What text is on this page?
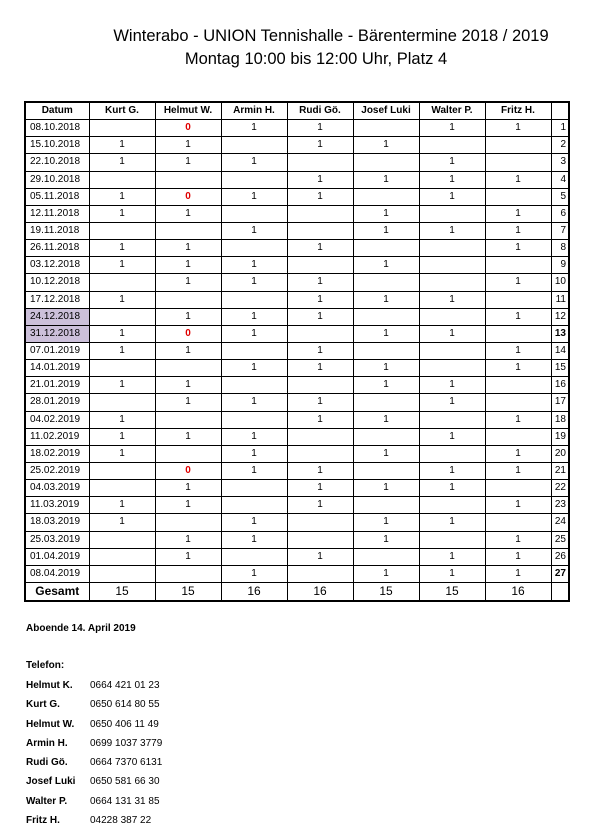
Winterabo - UNION Tennishalle - Bärentermine 2018 / 2019
Montag 10:00 bis 12:00 Uhr, Platz 4
Datum	Kurt G.	Helmut W.	Armin H.	Rudi Gö.	Josef Luki	Walter P.	Fritz H.	
08.10.2018		0	1	1		1	1	1
15.10.2018	1	1		1	1			2
22.10.2018	1	1	1			1		3
29.10.2018				1	1	1	1	4
05.11.2018	1	0	1	1		1		5
12.11.2018	1	1			1		1	6
19.11.2018			1		1	1	1	7
26.11.2018	1	1		1			1	8
03.12.2018	1	1	1		1			9
10.12.2018		1	1	1			1	10
17.12.2018	1			1	1	1		11
24.12.2018		1	1	1			1	12
31.12.2018	1	0	1		1	1		13
07.01.2019	1	1		1			1	14
14.01.2019			1	1	1		1	15
21.01.2019	1	1			1	1		16
28.01.2019		1	1	1		1		17
04.02.2019	1			1	1		1	18
11.02.2019	1	1	1			1		19
18.02.2019	1		1		1		1	20
25.02.2019		0	1	1		1	1	21
04.03.2019		1		1	1	1		22
11.03.2019	1	1		1			1	23
18.03.2019	1		1		1	1		24
25.03.2019		1	1		1		1	25
01.04.2019		1		1		1	1	26
08.04.2019			1		1	1	1	27
Gesamt	15	15	16	16	15	15	16	
Aboende 14. April 2019
Telefon:
Helmut K.	0664 421 01 23
Kurt G.	0650 614 80 55
Helmut W.	0650 406 11 49
Armin H.	0699 1037 3779
Rudi Gö.	0664 7370 6131
Josef Luki	0650 581 66 30
Walter P.	0664 131 31 85
Fritz H.	04228 387 22
